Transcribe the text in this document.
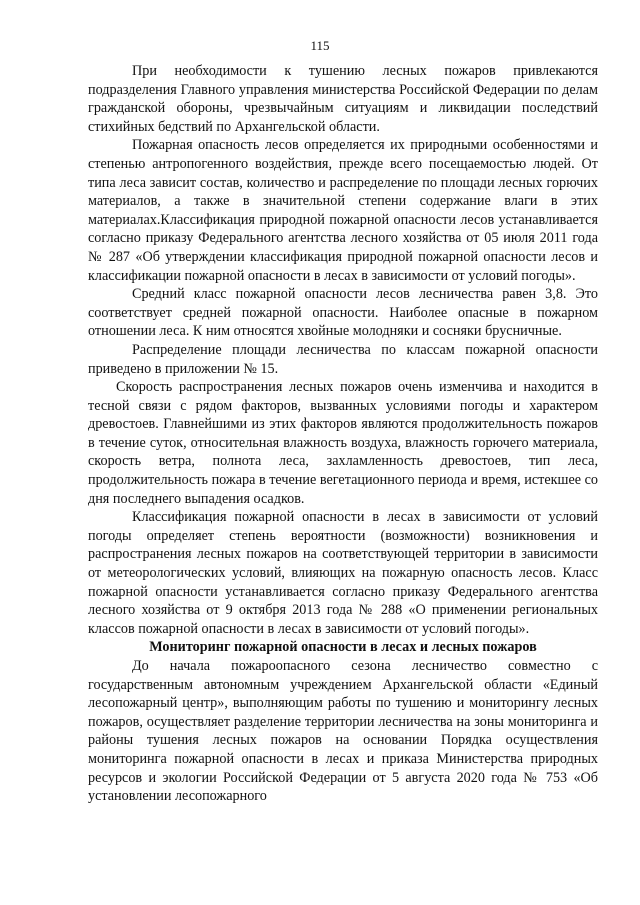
115

При необходимости к тушению лесных пожаров привлекаются подразделения Главного управления министерства Российской Федерации по делам гражданской обороны, чрезвычайным ситуациям и ликвидации последствий стихийных бедствий по Архангельской области.

Пожарная опасность лесов определяется их природными особенностями и степенью антропогенного воздействия, прежде всего посещаемостью людей. От типа леса зависит состав, количество и распределение по площади лесных горючих материалов, а также в значительной степени содержание влаги в этих материалах.Классификация природной пожарной опасности лесов устанавливается согласно приказу Федерального агентства лесного хозяйства от 05 июля 2011 года № 287 «Об утверждении классификация природной пожарной опасности лесов и классификации пожарной опасности в лесах в зависимости от условий погоды».

Средний класс пожарной опасности лесов лесничества равен 3,8. Это соответствует средней пожарной опасности. Наиболее опасные в пожарном отношении леса. К ним относятся хвойные молодняки и сосняки брусничные.

Распределение площади лесничества по классам пожарной опасности приведено в приложении № 15.

Скорость распространения лесных пожаров очень изменчива и находится в тесной связи с рядом факторов, вызванных условиями погоды и характером древостоев. Главнейшими из этих факторов являются продолжительность пожаров в течение суток, относительная влажность воздуха, влажность горючего материала, скорость ветра, полнота леса, захламленность древостоев, тип леса, продолжительность пожара в течение вегетационного периода и время, истекшее со дня последнего выпадения осадков.

Классификация пожарной опасности в лесах в зависимости от условий погоды определяет степень вероятности (возможности) возникновения и распространения лесных пожаров на соответствующей территории в зависимости от метеорологических условий, влияющих на пожарную опасность лесов. Класс пожарной опасности устанавливается согласно приказу Федерального агентства лесного хозяйства от 9 октября 2013 года № 288 «О применении региональных классов пожарной опасности в лесах в зависимости от условий погоды».

Мониторинг пожарной опасности в лесах и лесных пожаров

До начала пожароопасного сезона лесничество совместно с государственным автономным учреждением Архангельской области «Единый лесопожарный центр», выполняющим работы по тушению и мониторингу лесных пожаров, осуществляет разделение территории лесничества на зоны мониторинга и районы тушения лесных пожаров на основании Порядка осуществления мониторинга пожарной опасности в лесах и приказа Министерства природных ресурсов и экологии Российской Федерации от 5 августа 2020 года № 753 «Об установлении лесопожарного
